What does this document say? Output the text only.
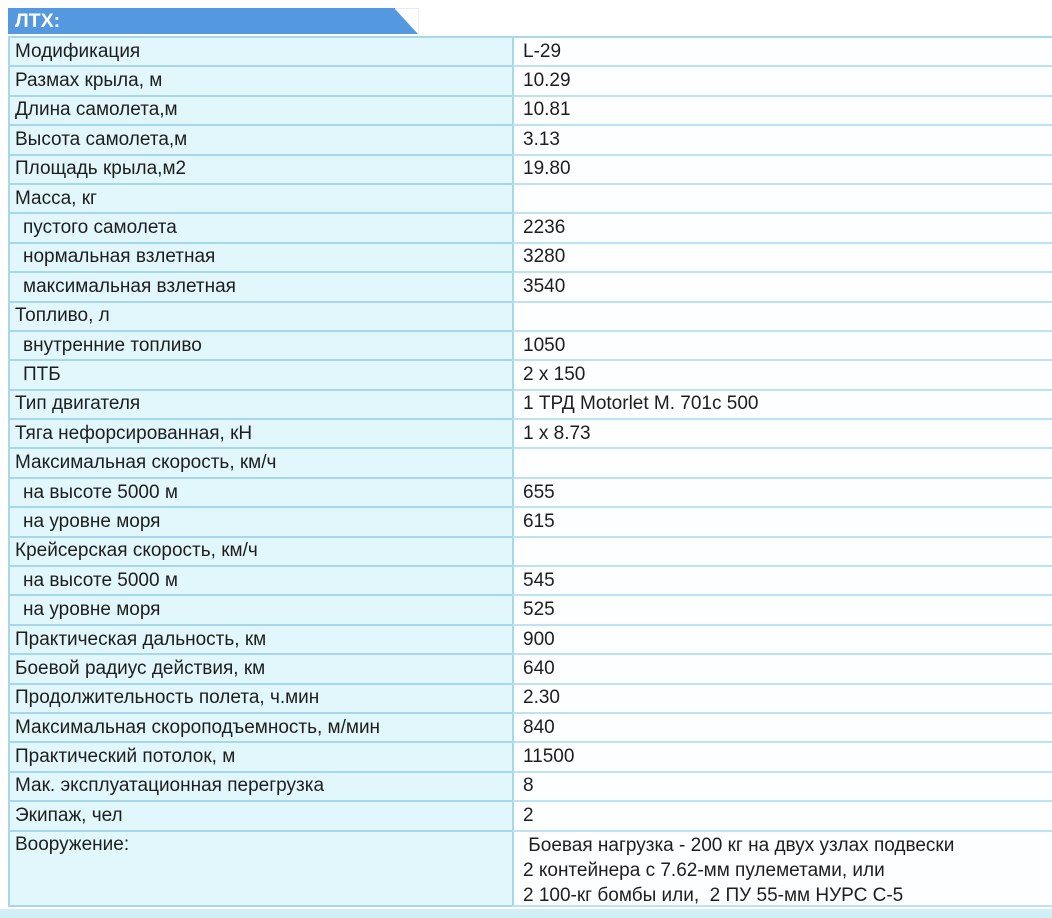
ЛТХ:
Модификация	L-29
Размах крыла, м	10.29
Длина самолета,м	10.81
Высота самолета,м	3.13
Площадь крыла,м2	19.80
Масса, кг
пустого самолета	2236
нормальная взлетная	3280
максимальная взлетная	3540
Топливо, л
внутренние топливо	1050
ПТБ	2 х 150
Тип двигателя	1 ТРД Motorlet M. 701c 500
Тяга нефорсированная, кН	1 х 8.73
Максимальная скорость, км/ч
на высоте 5000 м	655
на уровне моря	615
Крейсерская скорость, км/ч
на высоте 5000 м	545
на уровне моря	525
Практическая дальность, км	900
Боевой радиус действия, км	640
Продолжительность полета, ч.мин	2.30
Максимальная скороподъемность, м/мин	840
Практический потолок, м	11500
Мак. эксплуатационная перегрузка	8
Экипаж, чел	2
Вооружение:	Боевая нагрузка - 200 кг на двух узлах подвески
2 контейнера с 7.62-мм пулеметами, или
2 100-кг бомбы или,  2 ПУ 55-мм НУРС С-5
